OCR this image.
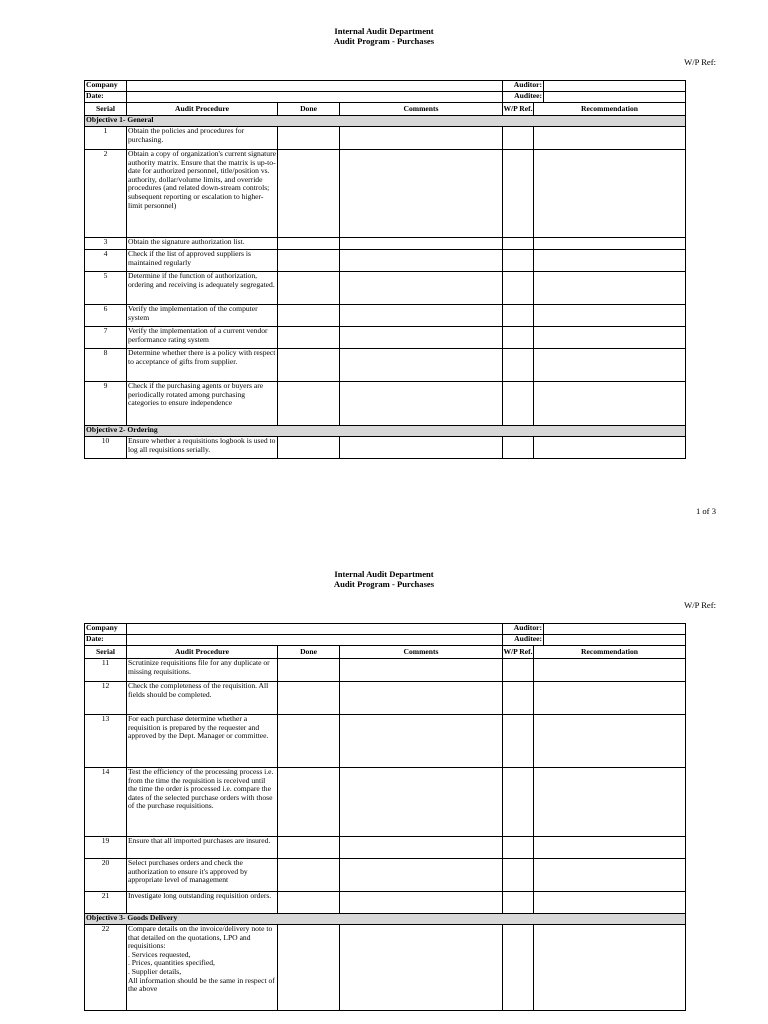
Internal Audit Department
Audit Program - Purchases
W/P Ref:
Company				Auditor:		
Date:				Auditee:		
Serial	Audit Procedure	Done	Comments	W/P Ref.	Recommendation	
Objective 1- General						
1	Obtain the policies and procedures for purchasing.					
2	Obtain a copy of organization's current signature authority matrix. Ensure that the matrix is up-to-date for authorized personnel, title/position vs. authority, dollar/volume limits, and override procedures (and related down-stream controls; subsequent reporting or escalation to higher-limit personnel)					
3	Obtain the signature authorization list.					
4	Check if the list of approved suppliers is maintained regularly					
5	Determine if the function of authorization, ordering and receiving is adequately segregated.					
6	Verify the implementation of the computer system					
7	Verify the implementation of a current vendor performance rating system					
8	Determine whether there is a policy with respect to acceptance of gifts from supplier.					
9	Check if the purchasing agents or buyers are periodically rotated among purchasing categories to ensure independence					
Objective 2- Ordering						
10	Ensure whether a requisitions logbook is used to log all requisitions serially.					
1 of 3
Internal Audit Department
Audit Program - Purchases
W/P Ref:
Company				Auditor:		
Date:				Auditee:		
Serial	Audit Procedure	Done	Comments	W/P Ref.	Recommendation	
11	Scrutinize requisitions file for any duplicate or missing requisitions.					
12	Check the completeness of the requisition. All fields should be completed.					
13	For each purchase determine whether a requisition is prepared by the requester and approved by the Dept. Manager or committee.					
14	Test the efficiency of the processing process i.e. from the time the requisition is received until the time the order is processed i.e. compare the dates of the selected purchase orders with those of the purchase requisitions.					
19	Ensure that all imported purchases are insured.					
20	Select purchases orders and check the authorization to ensure it's approved by appropriate level of management					
21	Investigate long outstanding requisition orders.					
Objective 3- Goods Delivery						
22	Compare details on the invoice/delivery note to that detailed on the quotations, LPO and requisitions:
. Services requested,
. Prices, quantities specified,
. Supplier details,
All information should be the same in respect of the above					
